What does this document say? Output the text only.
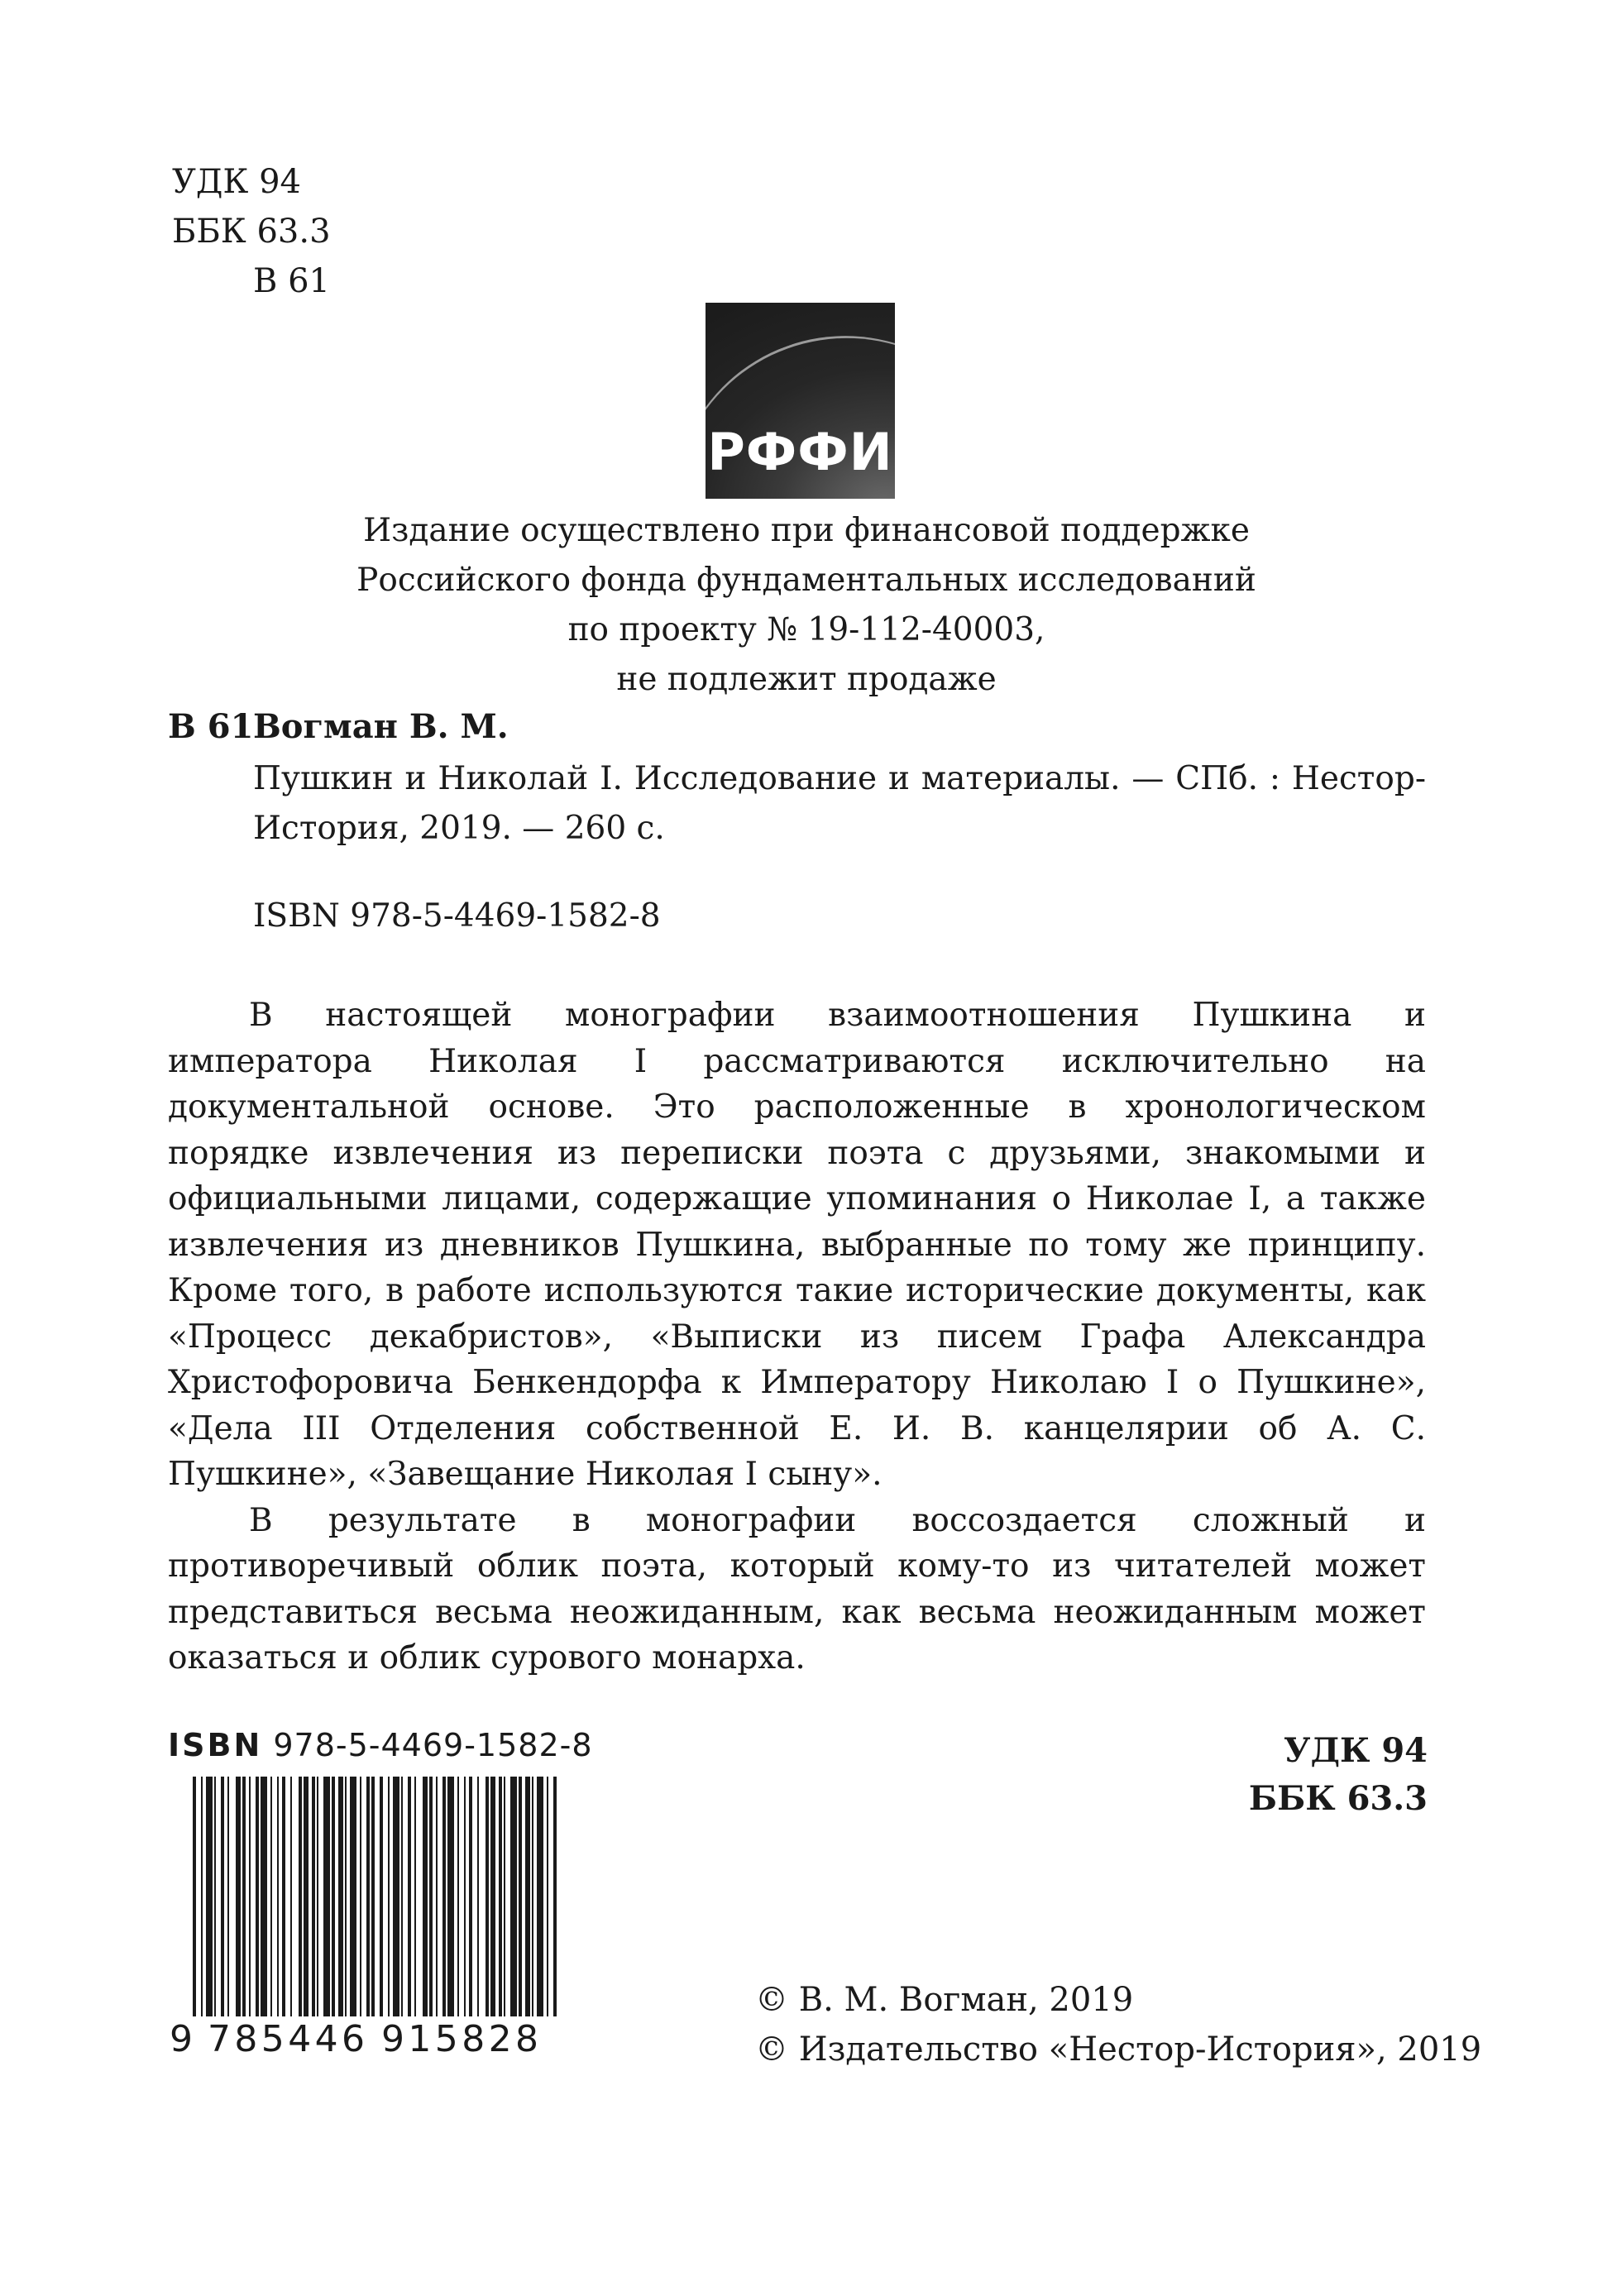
УДК 94
ББК 63.3
В 61
РФФИ
Издание осуществлено при финансовой поддержке
Российского фонда фундаментальных исследований
по проекту № 19-112-40003,
не подлежит продаже
В 61 Вогман В. М.
Пушкин и Николай I. Исследование и материалы. — СПб. : Нестор-История, 2019. — 260 с.
ISBN 978-5-4469-1582-8

В настоящей монографии взаимоотношения Пушкина и императора Николая I рассматриваются исключительно на документальной основе. Это расположенные в хронологическом порядке извлечения из переписки поэта с друзьями, знакомыми и официальными лицами, содержащие упоминания о Николае I, а также извлечения из дневников Пушкина, выбранные по тому же принципу. Кроме того, в работе используются такие исторические документы, как «Процесс декабристов», «Выписки из писем Графа Александра Христофоровича Бенкендорфа к Императору Николаю I о Пушкине», «Дела III Отделения собственной Е. И. В. канцелярии об А. С. Пушкине», «Завещание Николая I сыну».

В результате в монографии воссоздается сложный и противоречивый облик поэта, который кому-то из читателей может представиться весьма неожиданным, как весьма неожиданным может оказаться и облик сурового монарха.

ISBN 978-5-4469-1582-8
9 785446 915828
УДК 94
ББК 63.3
© В. М. Вогман, 2019
© Издательство «Нестор-История», 2019
